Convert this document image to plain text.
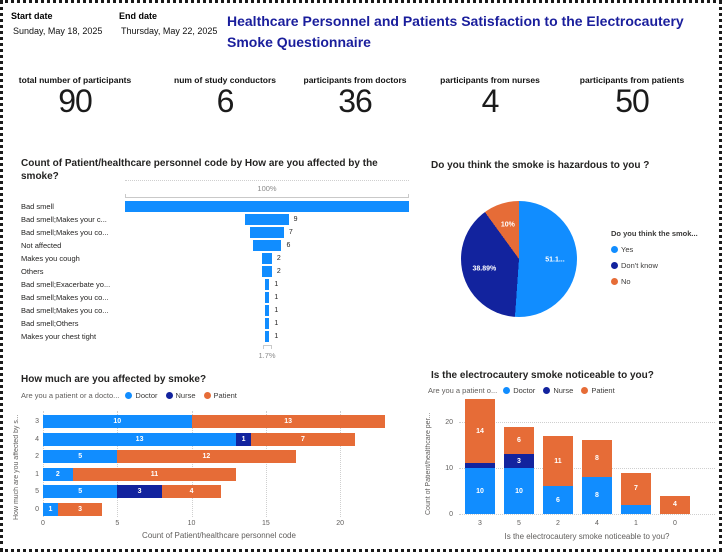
Start date
Sunday, May 18, 2025
End date
Thursday, May 22, 2025
Healthcare Personnel and Patients Satisfaction to the Electrocautery Smoke Questionnaire
total number of participants
90
num of study conductors
6
participants from doctors
36
participants from nurses
4
participants from patients
50
Count of Patient/healthcare personnel code by How are you affected by the smoke?
100%
1.7%
Bad smell
Bad smell;Makes your c...	9
Bad smell;Makes you co...	7
Not affected	6
Makes you cough	2
Others	2
Bad smell;Exacerbate yo...	1
Bad smell;Makes you co...	1
Bad smell;Makes you co...	1
Bad smell;Others	1
Makes your chest tight	1
Do you think the smoke is hazardous to you ?
Do you think the smok...
Yes
Don't know
No
51.1...
38.89%
10%
How much are you affected by smoke?
Are you a patient or a docto... Doctor Nurse Patient
How much are you affected by s...
Count of Patient/healthcare personnel code
0	5	10	15	20
3	10	13
4	13	1	7
2	5	12
1 2	11
5	5	3	4
0 1	3
Is the electrocautery smoke noticeable to you?
Are you a patient o... Doctor Nurse Patient
Count of Patient/healthcare per...
Is the electrocautery smoke noticeable to you?
0
10
20
10
14
3
10
3
6
5
6
11
2
8
8
4
7
1
4
0
